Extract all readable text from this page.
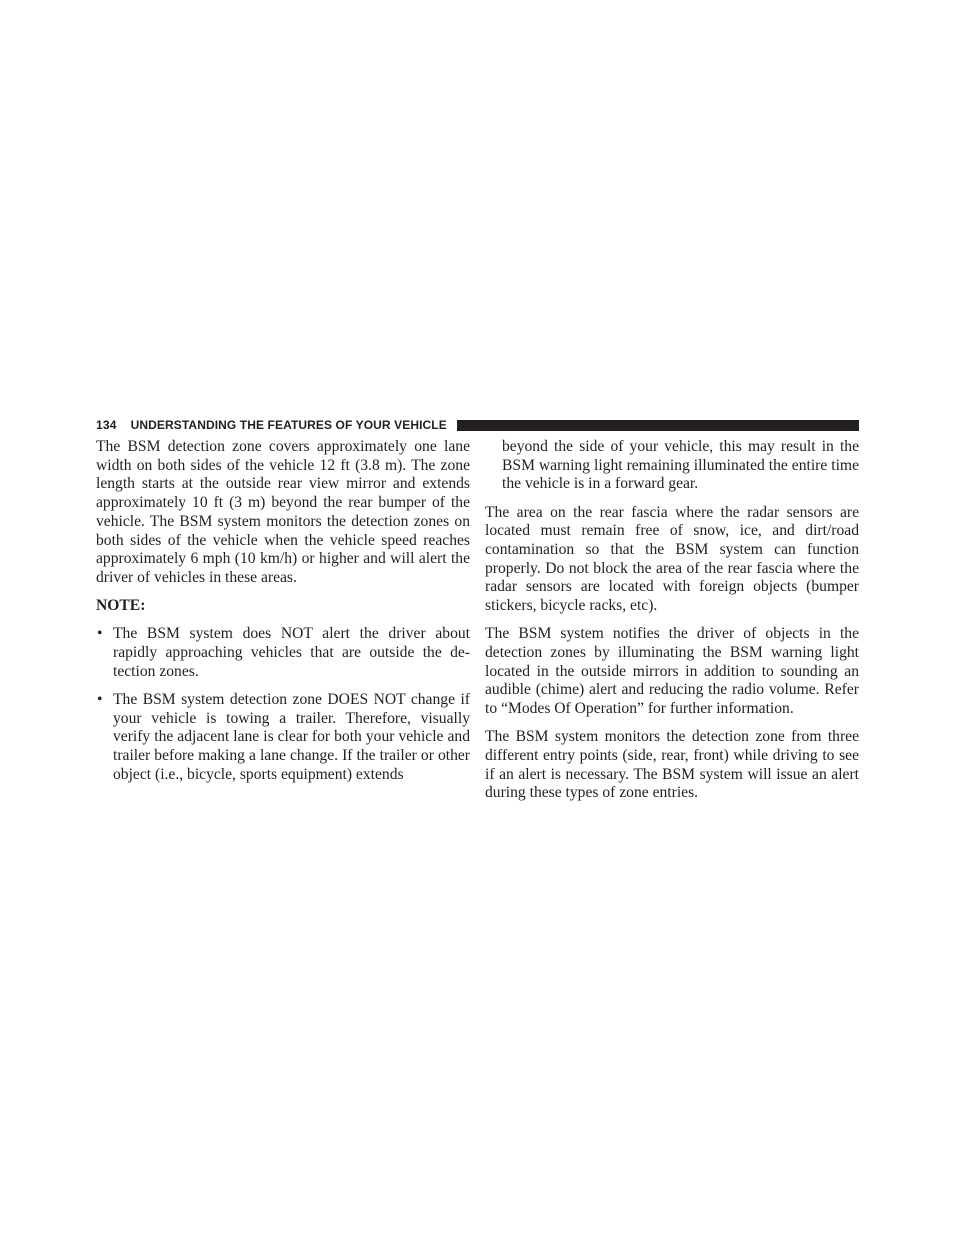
134 UNDERSTANDING THE FEATURES OF YOUR VEHICLE

The BSM detection zone covers approximately one lane width on both sides of the vehicle 12 ft (3.8 m). The zone length starts at the outside rear view mirror and extends approximately 10 ft (3 m) beyond the rear bumper of the vehicle. The BSM system monitors the detection zones on both sides of the vehicle when the vehicle speed reaches approximately 6 mph (10 km/h) or higher and will alert the driver of vehicles in these areas.

NOTE:
• The BSM system does NOT alert the driver about rapidly approaching vehicles that are outside the detection zones.
• The BSM system detection zone DOES NOT change if your vehicle is towing a trailer. Therefore, visually verify the adjacent lane is clear for both your vehicle and trailer before making a lane change. If the trailer or other object (i.e., bicycle, sports equipment) extends

beyond the side of your vehicle, this may result in the BSM warning light remaining illuminated the entire time the vehicle is in a forward gear.

The area on the rear fascia where the radar sensors are located must remain free of snow, ice, and dirt/road contamination so that the BSM system can function properly. Do not block the area of the rear fascia where the radar sensors are located with foreign objects (bumper stickers, bicycle racks, etc).

The BSM system notifies the driver of objects in the detection zones by illuminating the BSM warning light located in the outside mirrors in addition to sounding an audible (chime) alert and reducing the radio volume. Refer to “Modes Of Operation” for further information.

The BSM system monitors the detection zone from three different entry points (side, rear, front) while driving to see if an alert is necessary. The BSM system will issue an alert during these types of zone entries.
